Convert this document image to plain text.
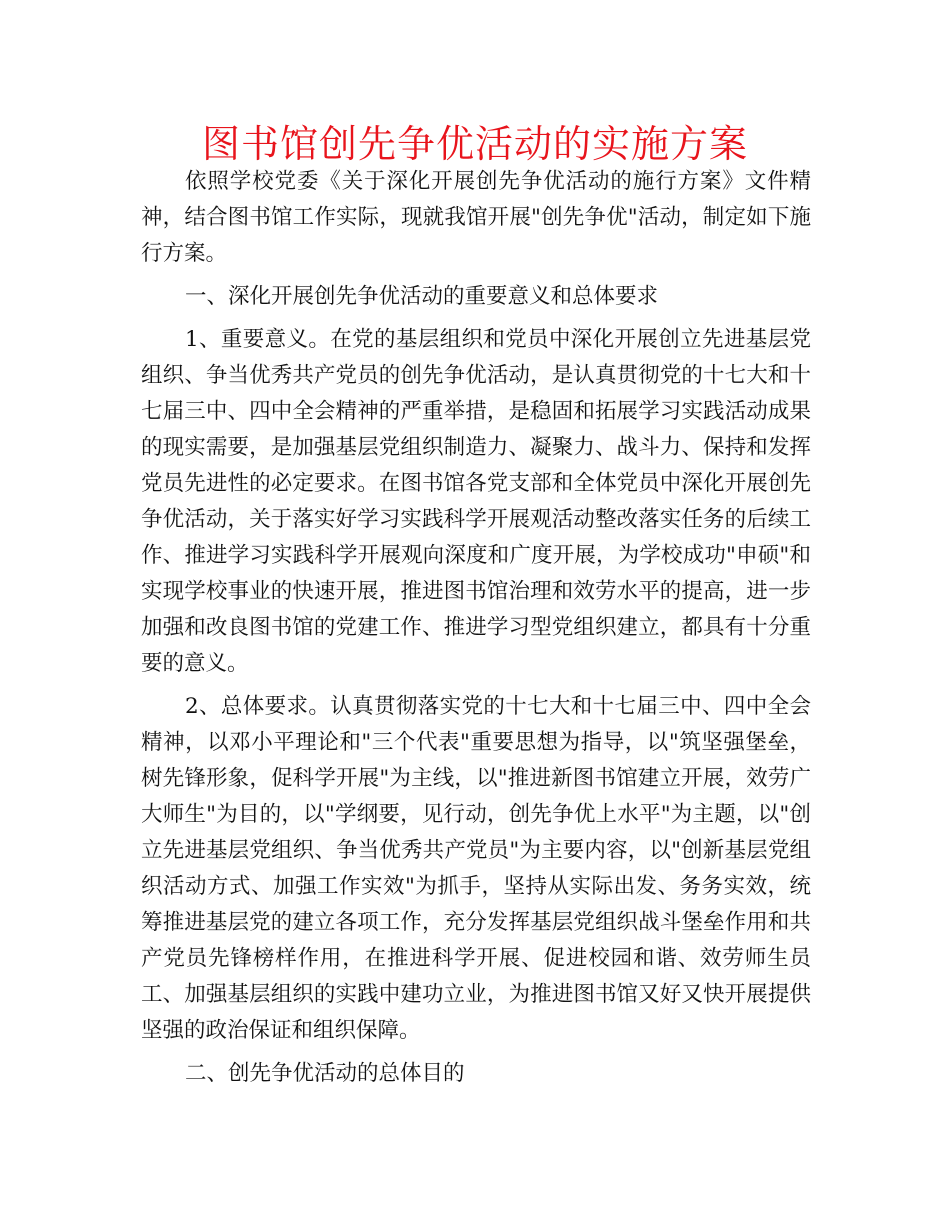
图书馆创先争优活动的实施方案

依照学校党委《关于深化开展创先争优活动的施行方案》文件精神，结合图书馆工作实际，现就我馆开展"创先争优"活动，制定如下施行方案。

一、深化开展创先争优活动的重要意义和总体要求

1、重要意义。在党的基层组织和党员中深化开展创立先进基层党组织、争当优秀共产党员的创先争优活动，是认真贯彻党的十七大和十七届三中、四中全会精神的严重举措，是稳固和拓展学习实践活动成果的现实需要，是加强基层党组织制造力、凝聚力、战斗力、保持和发挥党员先进性的必定要求。在图书馆各党支部和全体党员中深化开展创先争优活动，关于落实好学习实践科学开展观活动整改落实任务的后续工作、推进学习实践科学开展观向深度和广度开展，为学校成功"申硕"和实现学校事业的快速开展，推进图书馆治理和效劳水平的提高，进一步加强和改良图书馆的党建工作、推进学习型党组织建立，都具有十分重要的意义。

2、总体要求。认真贯彻落实党的十七大和十七届三中、四中全会精神，以邓小平理论和"三个代表"重要思想为指导，以"筑坚强堡垒，树先锋形象，促科学开展"为主线，以"推进新图书馆建立开展，效劳广大师生"为目的，以"学纲要，见行动，创先争优上水平"为主题，以"创立先进基层党组织、争当优秀共产党员"为主要内容，以"创新基层党组织活动方式、加强工作实效"为抓手，坚持从实际出发、务务实效，统筹推进基层党的建立各项工作，充分发挥基层党组织战斗堡垒作用和共产党员先锋榜样作用，在推进科学开展、促进校园和谐、效劳师生员工、加强基层组织的实践中建功立业，为推进图书馆又好又快开展提供坚强的政治保证和组织保障。

二、创先争优活动的总体目的
